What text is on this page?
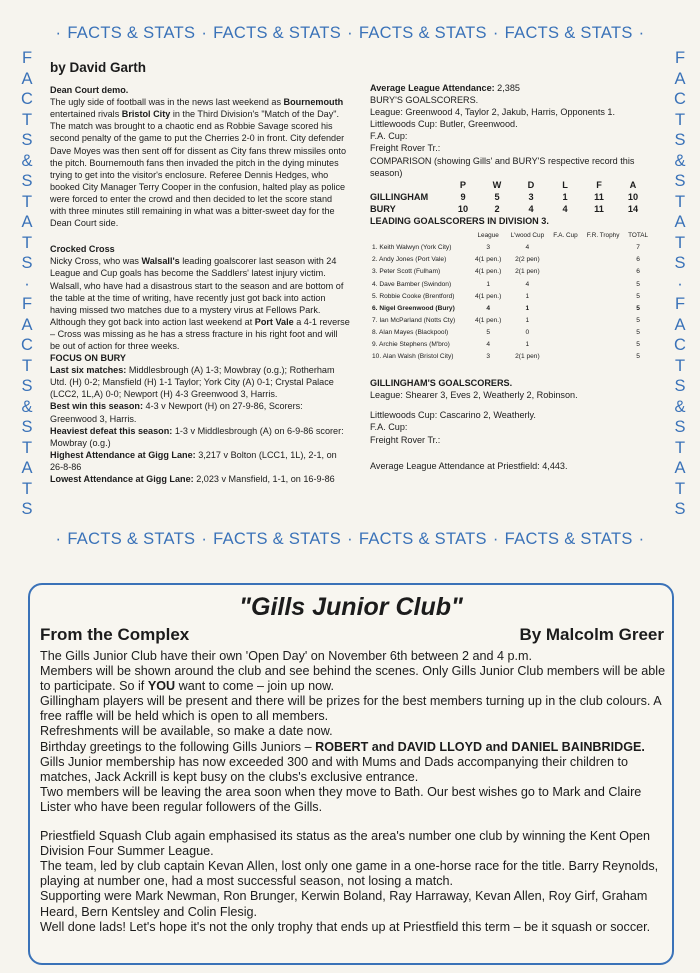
· FACTS & STATS · FACTS & STATS · FACTS & STATS · FACTS & STATS ·
· FACTS & STATS · FACTS & STATS · FACTS & STATS · FACTS & STATS ·
F
A
C
T
S
&
S
T
A
T
S
·
F
A
C
T
S
&
S
T
A
T
S
F
A
C
T
S
&
S
T
A
T
S
·
F
A
C
T
S
&
S
T
A
T
S
by David Garth

Dean Court demo.

The ugly side of football was in the news last weekend as Bournemouth entertained rivals Bristol City in the Third Division's "Match of the Day". The match was brought to a chaotic end as Robbie Savage scored his second penalty of the game to put the Cherries 2-0 in front. City defender Dave Moyes was then sent off for dissent as City fans threw missiles onto the pitch. Bournemouth fans then invaded the pitch in the dying minutes trying to get into the visitor's enclosure. Referee Dennis Hedges, who booked City Manager Terry Cooper in the confusion, halted play as police were forced to enter the crowd and then decided to let the score stand with three minutes still remaining in what was a bitter-sweet day for the Dean Court side.

Crocked Cross

Nicky Cross, who was Walsall's leading goalscorer last season with 24 League and Cup goals has become the Saddlers' latest injury victim. Walsall, who have had a disastrous start to the season and are bottom of the table at the time of writing, have recently just got back into action having missed two matches due to a mystery virus at Fellows Park. Although they got back into action last weekend at Port Vale a 4-1 reverse – Cross was missing as he has a stress fracture in his right foot and will be out of action for three weeks.

FOCUS ON BURY

Last six matches: Middlesbrough (A) 1-3; Mowbray (o.g.); Rotherham Utd. (H) 0-2; Mansfield (H) 1-1 Taylor; York City (A) 0-1; Crystal Palace (LCC2, 1L,A) 0-0; Newport (H) 4-3 Greenwood 3, Harris.

Best win this season: 4-3 v Newport (H) on 27-9-86, Scorers: Greenwood 3, Harris.

Heaviest defeat this season: 1-3 v Middlesbrough (A) on 6-9-86 scorer: Mowbray (o.g.)

Highest Attendance at Gigg Lane: 3,217 v Bolton (LCC1, 1L), 2-1, on 26-8-86

Lowest Attendance at Gigg Lane: 2,023 v Mansfield, 1-1, on 16-9-86

Average League Attendance: 2,385

BURY'S GOALSCORERS.

League: Greenwood 4, Taylor 2, Jakub, Harris, Opponents 1.

Littlewoods Cup: Butler, Greenwood.

F.A. Cup:

Freight Rover Tr.:

COMPARISON (showing Gills' and BURY'S respective record this season)

	P	W	D	L	F	A
GILLINGHAM	9	5	3	1	11	10
BURY	10	2	4	4	11	14

LEADING GOALSCORERS IN DIVISION 3.

	League	L'wood Cup	F.A. Cup	F.R. Trophy	TOTAL
1. Keith Walwyn (York City)	3	4			7
2. Andy Jones (Port Vale)	4(1 pen.)	2(2 pen)			6
3. Peter Scott (Fulham)	4(1 pen.)	2(1 pen)			6
4. Dave Bamber (Swindon)	1	4			5
5. Robbie Cooke (Brentford)	4(1 pen.)	1			5
6. Nigel Greenwood (Bury)	4	1			5
7. Ian McParland (Notts Cty)	4(1 pen.)	1			5
8. Alan Mayes (Blackpool)	5	0			5
9. Archie Stephens (M'bro)	4	1			5
10. Alan Walsh (Bristol City)	3	2(1 pen)			5

GILLINGHAM'S GOALSCORERS.

League: Shearer 3, Eves 2, Weatherly 2, Robinson.

Littlewoods Cup: Cascarino 2, Weatherly.

F.A. Cup:

Freight Rover Tr.:

Average League Attendance at Priestfield: 4,443.

"Gills Junior Club"
From the Complex	By Malcolm Greer

The Gills Junior Club have their own 'Open Day' on November 6th between 2 and 4 p.m.

Members will be shown around the club and see behind the scenes. Only Gills Junior Club members will be able to participate. So if YOU want to come – join up now.

Gillingham players will be present and there will be prizes for the best members turning up in the club colours. A free raffle will be held which is open to all members.

Refreshments will be available, so make a date now.

Birthday greetings to the following Gills Juniors – ROBERT and DAVID LLOYD and DANIEL BAINBRIDGE.

Gills Junior membership has now exceeded 300 and with Mums and Dads accompanying their children to matches, Jack Ackrill is kept busy on the clubs's exclusive entrance.

Two members will be leaving the area soon when they move to Bath. Our best wishes go to Mark and Claire Lister who have been regular followers of the Gills.

Priestfield Squash Club again emphasised its status as the area's number one club by winning the Kent Open Division Four Summer League.

The team, led by club captain Kevan Allen, lost only one game in a one-horse race for the title. Barry Reynolds, playing at number one, had a most successful season, not losing a match.

Supporting were Mark Newman, Ron Brunger, Kerwin Boland, Ray Harraway, Kevan Allen, Roy Girf, Graham Heard, Bern Kentsley and Colin Flesig.

Well done lads! Let's hope it's not the only trophy that ends up at Priestfield this term – be it squash or soccer.
